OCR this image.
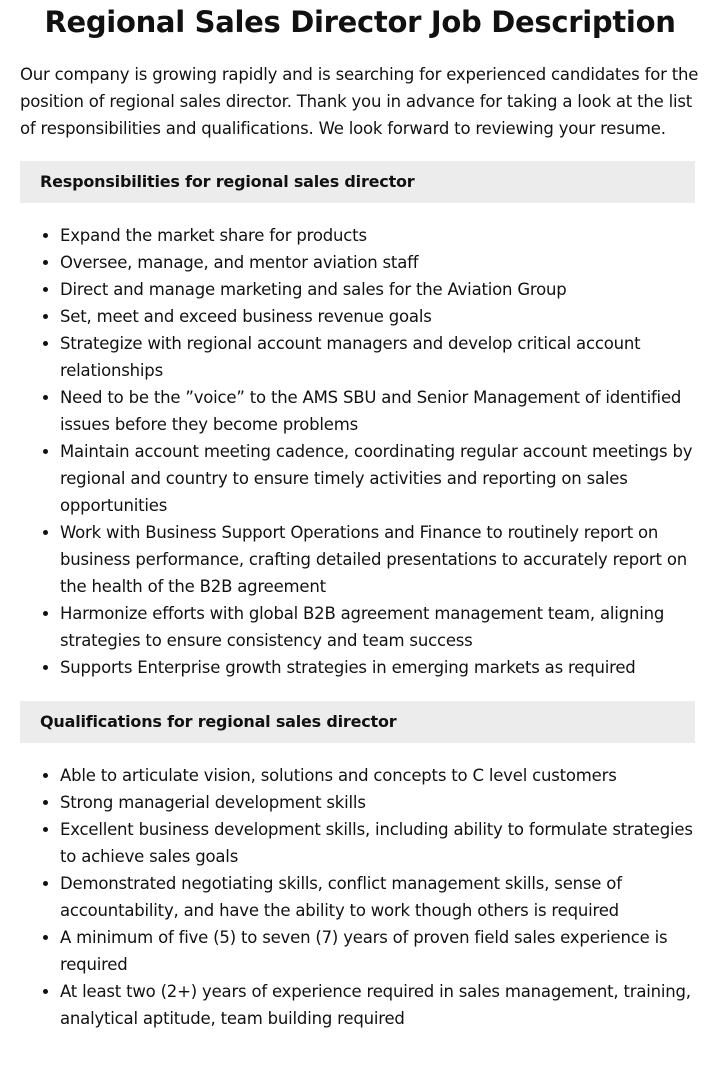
Regional Sales Director Job Description

Our company is growing rapidly and is searching for experienced candidates for the position of regional sales director. Thank you in advance for taking a look at the list of responsibilities and qualifications. We look forward to reviewing your resume.

Responsibilities for regional sales director
• Expand the market share for products
• Oversee, manage, and mentor aviation staff
• Direct and manage marketing and sales for the Aviation Group
• Set, meet and exceed business revenue goals
• Strategize with regional account managers and develop critical account relationships
• Need to be the ”voice” to the AMS SBU and Senior Management of identified issues before they become problems
• Maintain account meeting cadence, coordinating regular account meetings by regional and country to ensure timely activities and reporting on sales opportunities
• Work with Business Support Operations and Finance to routinely report on business performance, crafting detailed presentations to accurately report on the health of the B2B agreement
• Harmonize efforts with global B2B agreement management team, aligning strategies to ensure consistency and team success
• Supports Enterprise growth strategies in emerging markets as required
Qualifications for regional sales director
• Able to articulate vision, solutions and concepts to C level customers
• Strong managerial development skills
• Excellent business development skills, including ability to formulate strategies to achieve sales goals
• Demonstrated negotiating skills, conflict management skills, sense of accountability, and have the ability to work though others is required
• A minimum of five (5) to seven (7) years of proven field sales experience is required
• At least two (2+) years of experience required in sales management, training, analytical aptitude, team building required
